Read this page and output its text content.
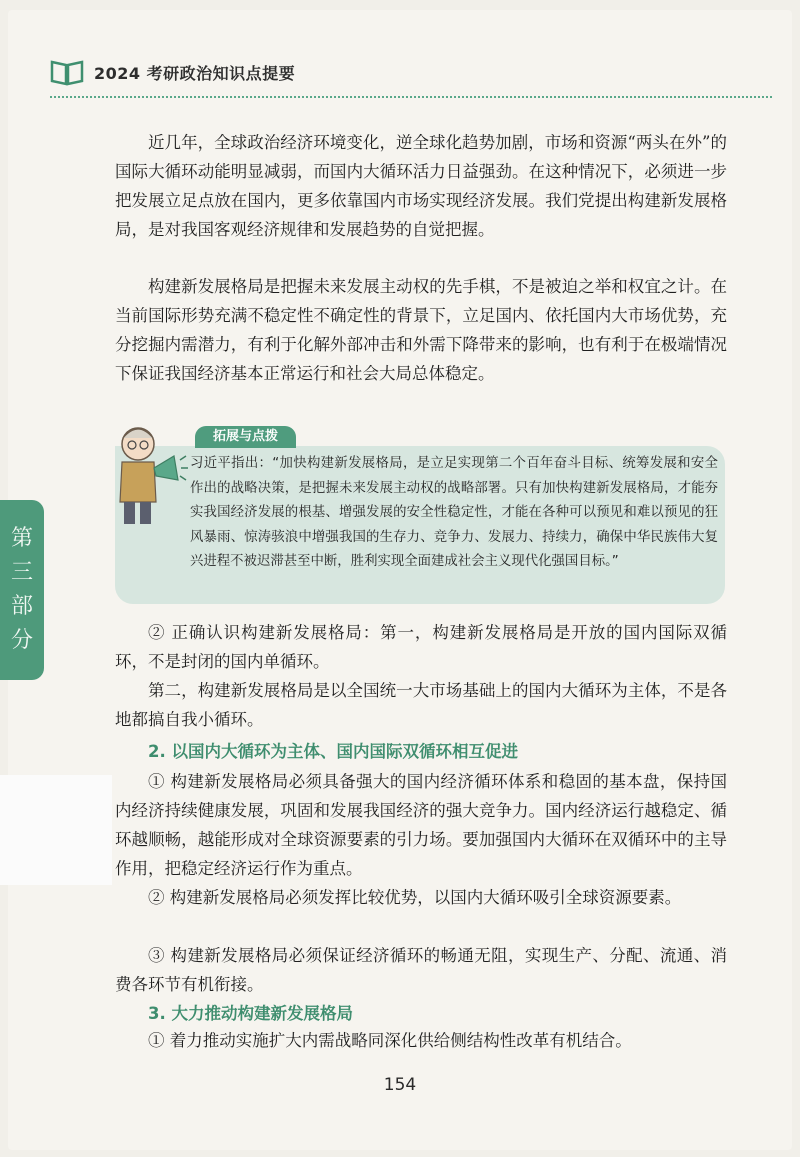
2024 考研政治知识点提要
近几年，全球政治经济环境变化，逆全球化趋势加剧，市场和资源“两头在外”的国际大循环动能明显减弱，而国内大循环活力日益强劲。在这种情况下，必须进一步把发展立足点放在国内，更多依靠国内市场实现经济发展。我们党提出构建新发展格局，是对我国客观经济规律和发展趋势的自觉把握。
构建新发展格局是把握未来发展主动权的先手棋，不是被迫之举和权宜之计。在当前国际形势充满不稳定性不确定性的背景下，立足国内、依托国内大市场优势，充分挖掘内需潜力，有利于化解外部冲击和外需下降带来的影响，也有利于在极端情况下保证我国经济基本正常运行和社会大局总体稳定。
拓展与点拨
习近平指出：“加快构建新发展格局，是立足实现第二个百年奋斗目标、统筹发展和安全作出的战略决策，是把握未来发展主动权的战略部署。只有加快构建新发展格局，才能夯实我国经济发展的根基、增强发展的安全性稳定性，才能在各种可以预见和难以预见的狂风暴雨、惊涛骇浪中增强我国的生存力、竞争力、发展力、持续力，确保中华民族伟大复兴进程不被迟滞甚至中断，胜利实现全面建成社会主义现代化强国目标。”
第
三
部
分	② 正确认识构建新发展格局：第一，构建新发展格局是开放的国内国际双循环，不是封闭的国内单循环。
第二，构建新发展格局是以全国统一大市场基础上的国内大循环为主体，不是各地都搞自我小循环。
2. 以国内大循环为主体、国内国际双循环相互促进
① 构建新发展格局必须具备强大的国内经济循环体系和稳固的基本盘，保持国内经济持续健康发展，巩固和发展我国经济的强大竞争力。国内经济运行越稳定、循环越顺畅，越能形成对全球资源要素的引力场。要加强国内大循环在双循环中的主导作用，把稳定经济运行作为重点。
② 构建新发展格局必须发挥比较优势，以国内大循环吸引全球资源要素。
③ 构建新发展格局必须保证经济循环的畅通无阻，实现生产、分配、流通、消费各环节有机衔接。
3. 大力推动构建新发展格局
① 着力推动实施扩大内需战略同深化供给侧结构性改革有机结合。
154
